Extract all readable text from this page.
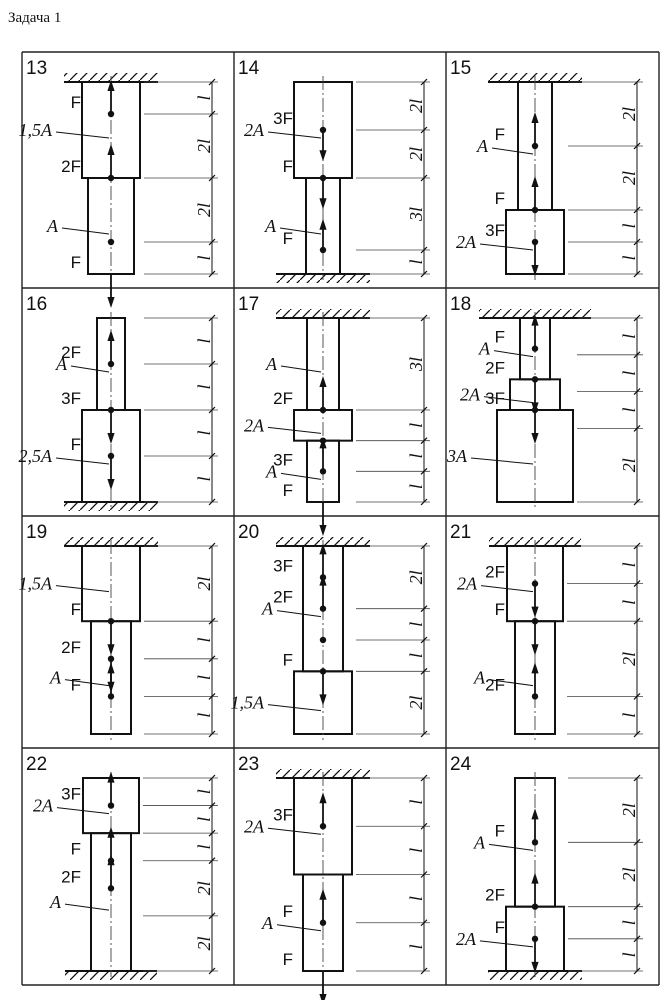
Задача 1
13
1,5A
A
F
2F
F
l
2l
2l
l
14
2A
A
3F
F
F
2l
2l
3l
l
15
A
2A
F
F
3F
2l
2l
l
l
16
A
2,5A
2F
3F
F
l
l
l
l
17
A
2A
A
2F
3F
F
3l
l
l
l
18
A
2A
3A
F
2F
3F
l
l
l
2l
19
1,5A
A
F
2F
F
2l
l
l
l
20
A
1,5A
3F
2F
F
2l
l
l
2l
21
2A
A
2F
F
2F
l
l
2l
l
22
2A
A
3F
F
2F
l
l
l
2l
2l
23
2A
A
3F
F
F
l
l
l
l
24
A
2A
F
2F
F
2l
2l
l
l
